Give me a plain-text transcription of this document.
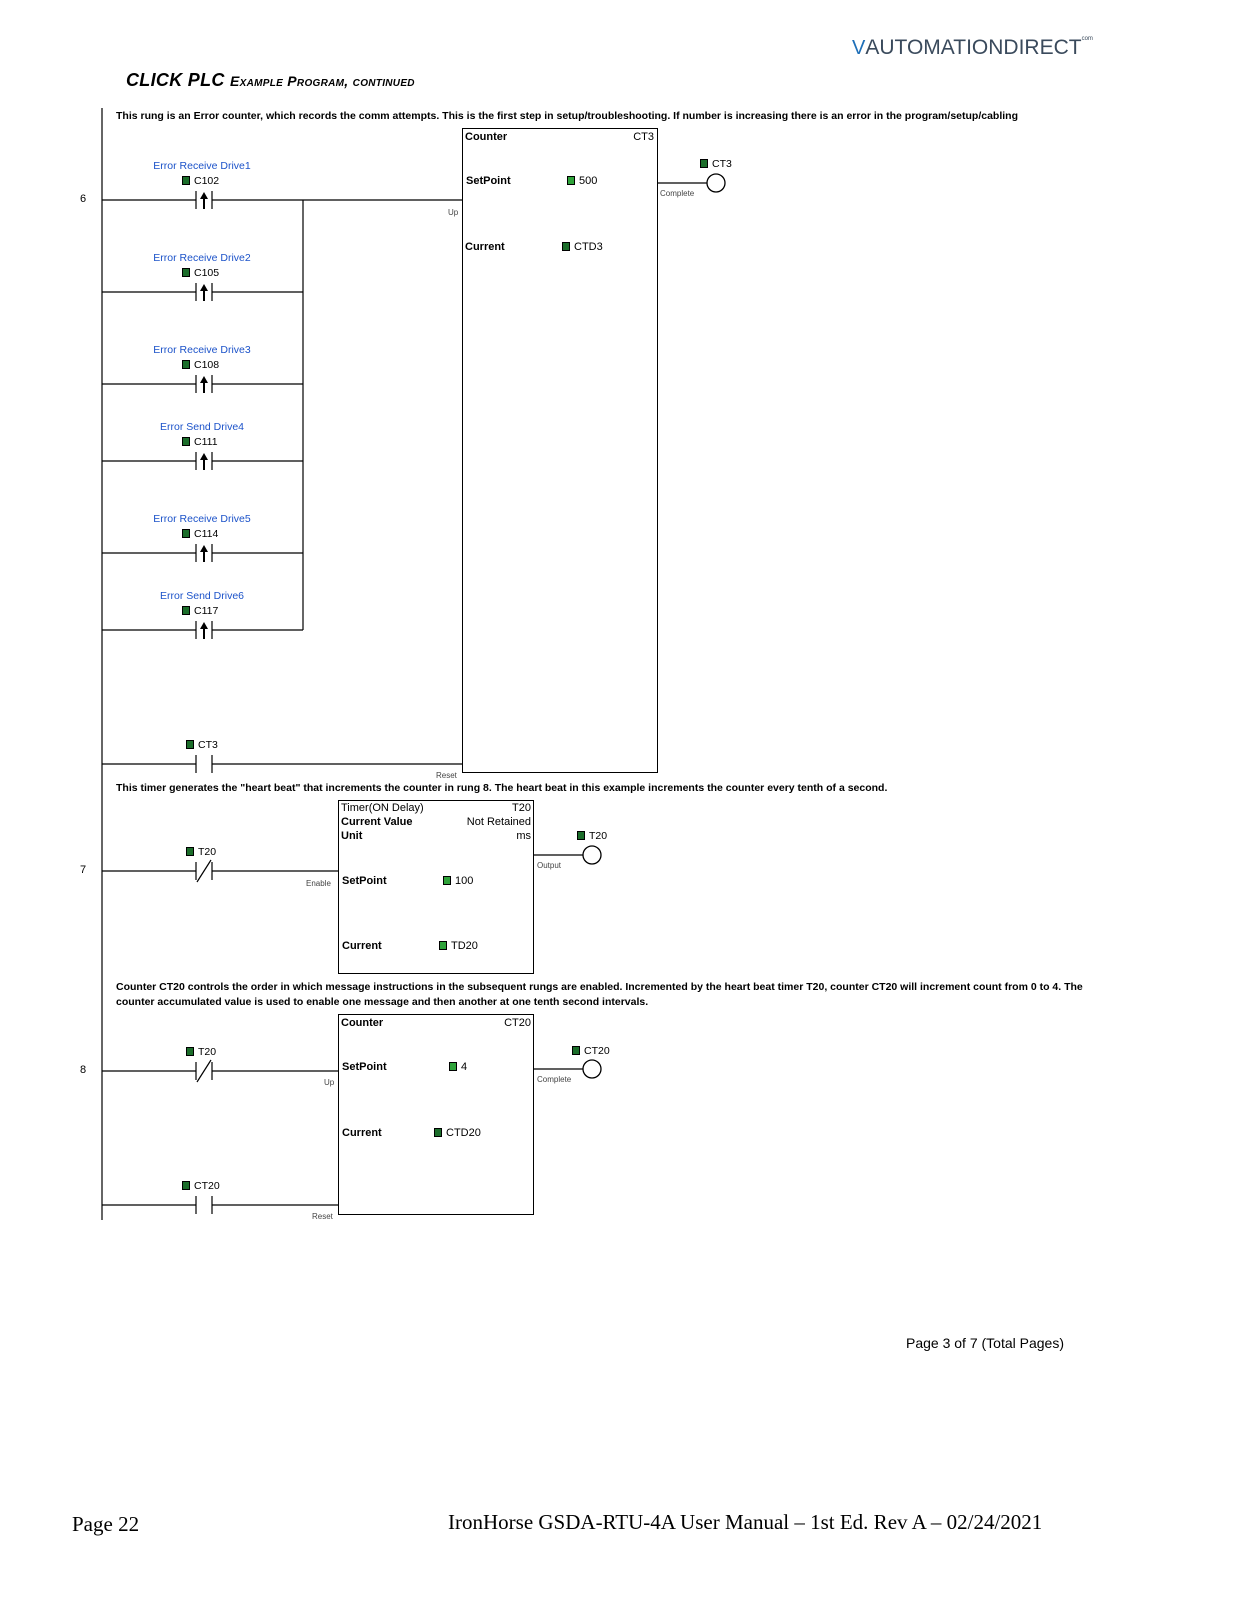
$VAUTOMATIONDIRECT^{com}$
CLICK PLC Example Program, continued
This rung is an Error counter, which records the comm attempts. This is the first step in setup/troubleshooting. If number is increasing there is an error in the program/setup/cabling
6
Error Receive Drive1
C102
Error Receive Drive2
C105
Error Receive Drive3
C108
Error Send Drive4
C111
Error Receive Drive5
C114
Error Send Drive6
C117
CT3
Counter	CT3
SetPoint	500
Current	CTD3
Up
Reset
Complete
CT3
This timer generates the "heart beat" that increments the counter in rung 8. The heart beat in this example increments the counter every tenth of a second.
7
T20
Timer(ON Delay)	T20
Current Value	Not Retained
Unit	ms
SetPoint	100
Current	TD20
Enable
Output
T20
Counter CT20 controls the order in which message instructions in the subsequent rungs are enabled. Incremented by the heart beat timer T20, counter CT20 will increment count from 0 to 4. The counter accumulated value is used to enable one message and then another at one tenth second intervals.
8
T20
CT20
Counter	CT20
SetPoint	4
Current	CTD20
Up
Reset
Complete
CT20
Page 3 of 7 (Total Pages)
Page 22	IronHorse GSDA-RTU-4A User Manual – 1st Ed. Rev A – 02/24/2021
